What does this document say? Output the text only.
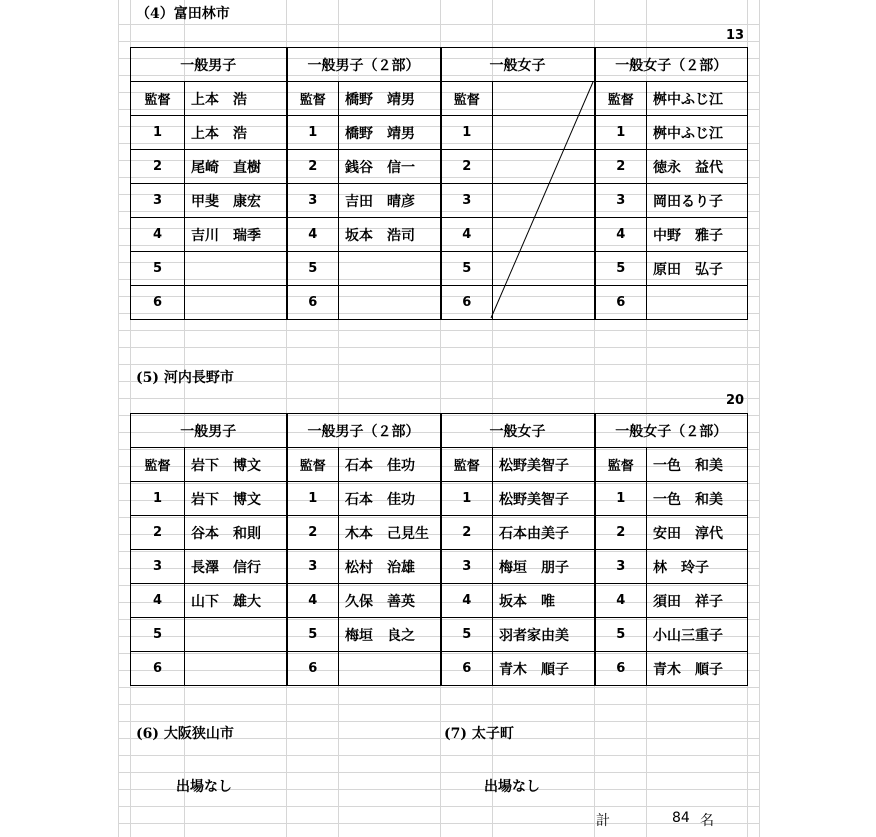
（4）富田林市
13
一般男子		一般男子（２部）		一般女子		一般女子（２部）	
監督	上本　浩	監督	橋野　靖男	監督		監督	桝中ふじ江
1	上本　浩	1	橋野　靖男	1		1	桝中ふじ江
2	尾崎　直樹	2	銭谷　信一	2		2	徳永　益代
3	甲斐　康宏	3	吉田　晴彦	3		3	岡田るり子
4	吉川　瑞季	4	坂本　浩司	4		4	中野　雅子
5		5		5		5	原田　弘子
6		6		6		6	
(5) 河内長野市
20
一般男子		一般男子（２部）		一般女子		一般女子（２部）	
監督	岩下　博文	監督	石本　佳功	監督	松野美智子	監督	一色　和美
1	岩下　博文	1	石本　佳功	1	松野美智子	1	一色　和美
2	谷本　和則	2	木本　己見生	2	石本由美子	2	安田　淳代
3	長澤　信行	3	松村　治雄	3	梅垣　朋子	3	林　玲子
4	山下　雄大	4	久保　善英	4	坂本　唯	4	須田　祥子
5		5	梅垣　良之	5	羽者家由美	5	小山三重子
6		6		6	青木　順子	6	青木　順子
(6) 大阪狭山市	(7) 太子町
出場なし	出場なし
計	84 名
